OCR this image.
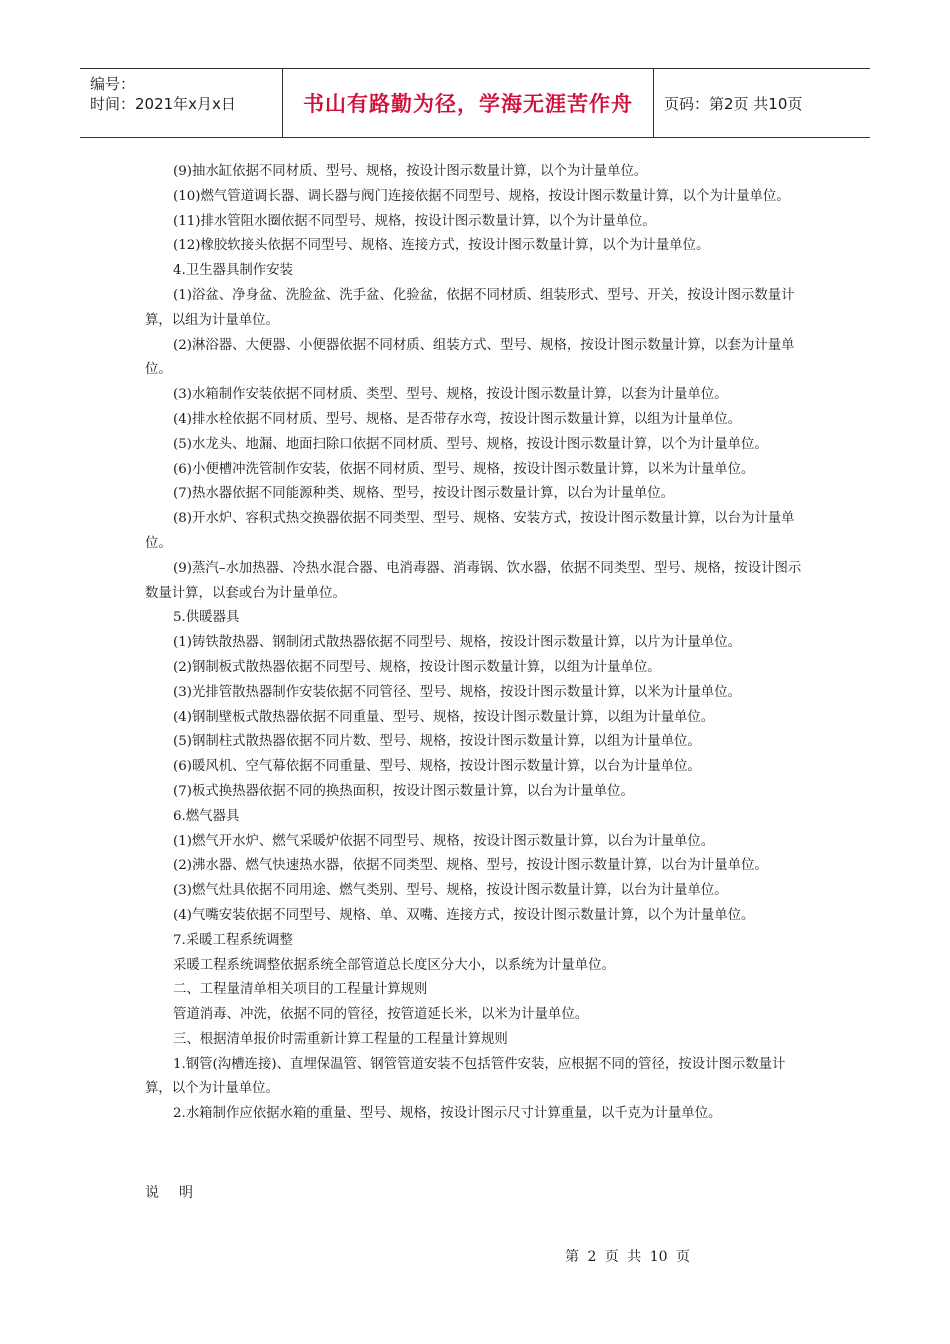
编号：
时间：2021年x月x日	书山有路勤为径，学海无涯苦作舟	页码：第2页 共10页

(9)抽水缸依据不同材质、型号、规格，按设计图示数量计算，以个为计量单位。

(10)燃气管道调长器、调长器与阀门连接依据不同型号、规格，按设计图示数量计算，以个为计量单位。

(11)排水管阻水圈依据不同型号、规格，按设计图示数量计算，以个为计量单位。

(12)橡胶软接头依据不同型号、规格、连接方式，按设计图示数量计算，以个为计量单位。

4.卫生器具制作安装

(1)浴盆、净身盆、洗脸盆、洗手盆、化验盆，依据不同材质、组装形式、型号、开关，按设计图示数量计算，以组为计量单位。

(2)淋浴器、大便器、小便器依据不同材质、组装方式、型号、规格，按设计图示数量计算，以套为计量单位。

(3)水箱制作安装依据不同材质、类型、型号、规格，按设计图示数量计算，以套为计量单位。

(4)排水栓依据不同材质、型号、规格、是否带存水弯，按设计图示数量计算，以组为计量单位。

(5)水龙头、地漏、地面扫除口依据不同材质、型号、规格，按设计图示数量计算，以个为计量单位。

(6)小便槽冲洗管制作安装，依据不同材质、型号、规格，按设计图示数量计算，以米为计量单位。

(7)热水器依据不同能源种类、规格、型号，按设计图示数量计算，以台为计量单位。

(8)开水炉、容积式热交换器依据不同类型、型号、规格、安装方式，按设计图示数量计算，以台为计量单位。

(9)蒸汽–水加热器、冷热水混合器、电消毒器、消毒锅、饮水器，依据不同类型、型号、规格，按设计图示数量计算，以套或台为计量单位。

5.供暖器具

(1)铸铁散热器、钢制闭式散热器依据不同型号、规格，按设计图示数量计算，以片为计量单位。

(2)钢制板式散热器依据不同型号、规格，按设计图示数量计算，以组为计量单位。

(3)光排管散热器制作安装依据不同管径、型号、规格，按设计图示数量计算，以米为计量单位。

(4)钢制壁板式散热器依据不同重量、型号、规格，按设计图示数量计算，以组为计量单位。

(5)钢制柱式散热器依据不同片数、型号、规格，按设计图示数量计算，以组为计量单位。

(6)暖风机、空气幕依据不同重量、型号、规格，按设计图示数量计算，以台为计量单位。

(7)板式换热器依据不同的换热面积，按设计图示数量计算，以台为计量单位。

6.燃气器具

(1)燃气开水炉、燃气采暖炉依据不同型号、规格，按设计图示数量计算，以台为计量单位。

(2)沸水器、燃气快速热水器，依据不同类型、规格、型号，按设计图示数量计算，以台为计量单位。

(3)燃气灶具依据不同用途、燃气类别、型号、规格，按设计图示数量计算，以台为计量单位。

(4)气嘴安装依据不同型号、规格、单、双嘴、连接方式，按设计图示数量计算，以个为计量单位。

7.采暖工程系统调整

采暖工程系统调整依据系统全部管道总长度区分大小，以系统为计量单位。

二、工程量清单相关项目的工程量计算规则

管道消毒、冲洗，依据不同的管径，按管道延长米，以米为计量单位。

三、根据清单报价时需重新计算工程量的工程量计算规则

1.钢管(沟槽连接)、直埋保温管、钢管管道安装不包括管件安装，应根据不同的管径，按设计图示数量计算，以个为计量单位。

2.水箱制作应依据水箱的重量、型号、规格，按设计图示尺寸计算重量，以千克为计量单位。

说明
第 2 页 共 10 页
